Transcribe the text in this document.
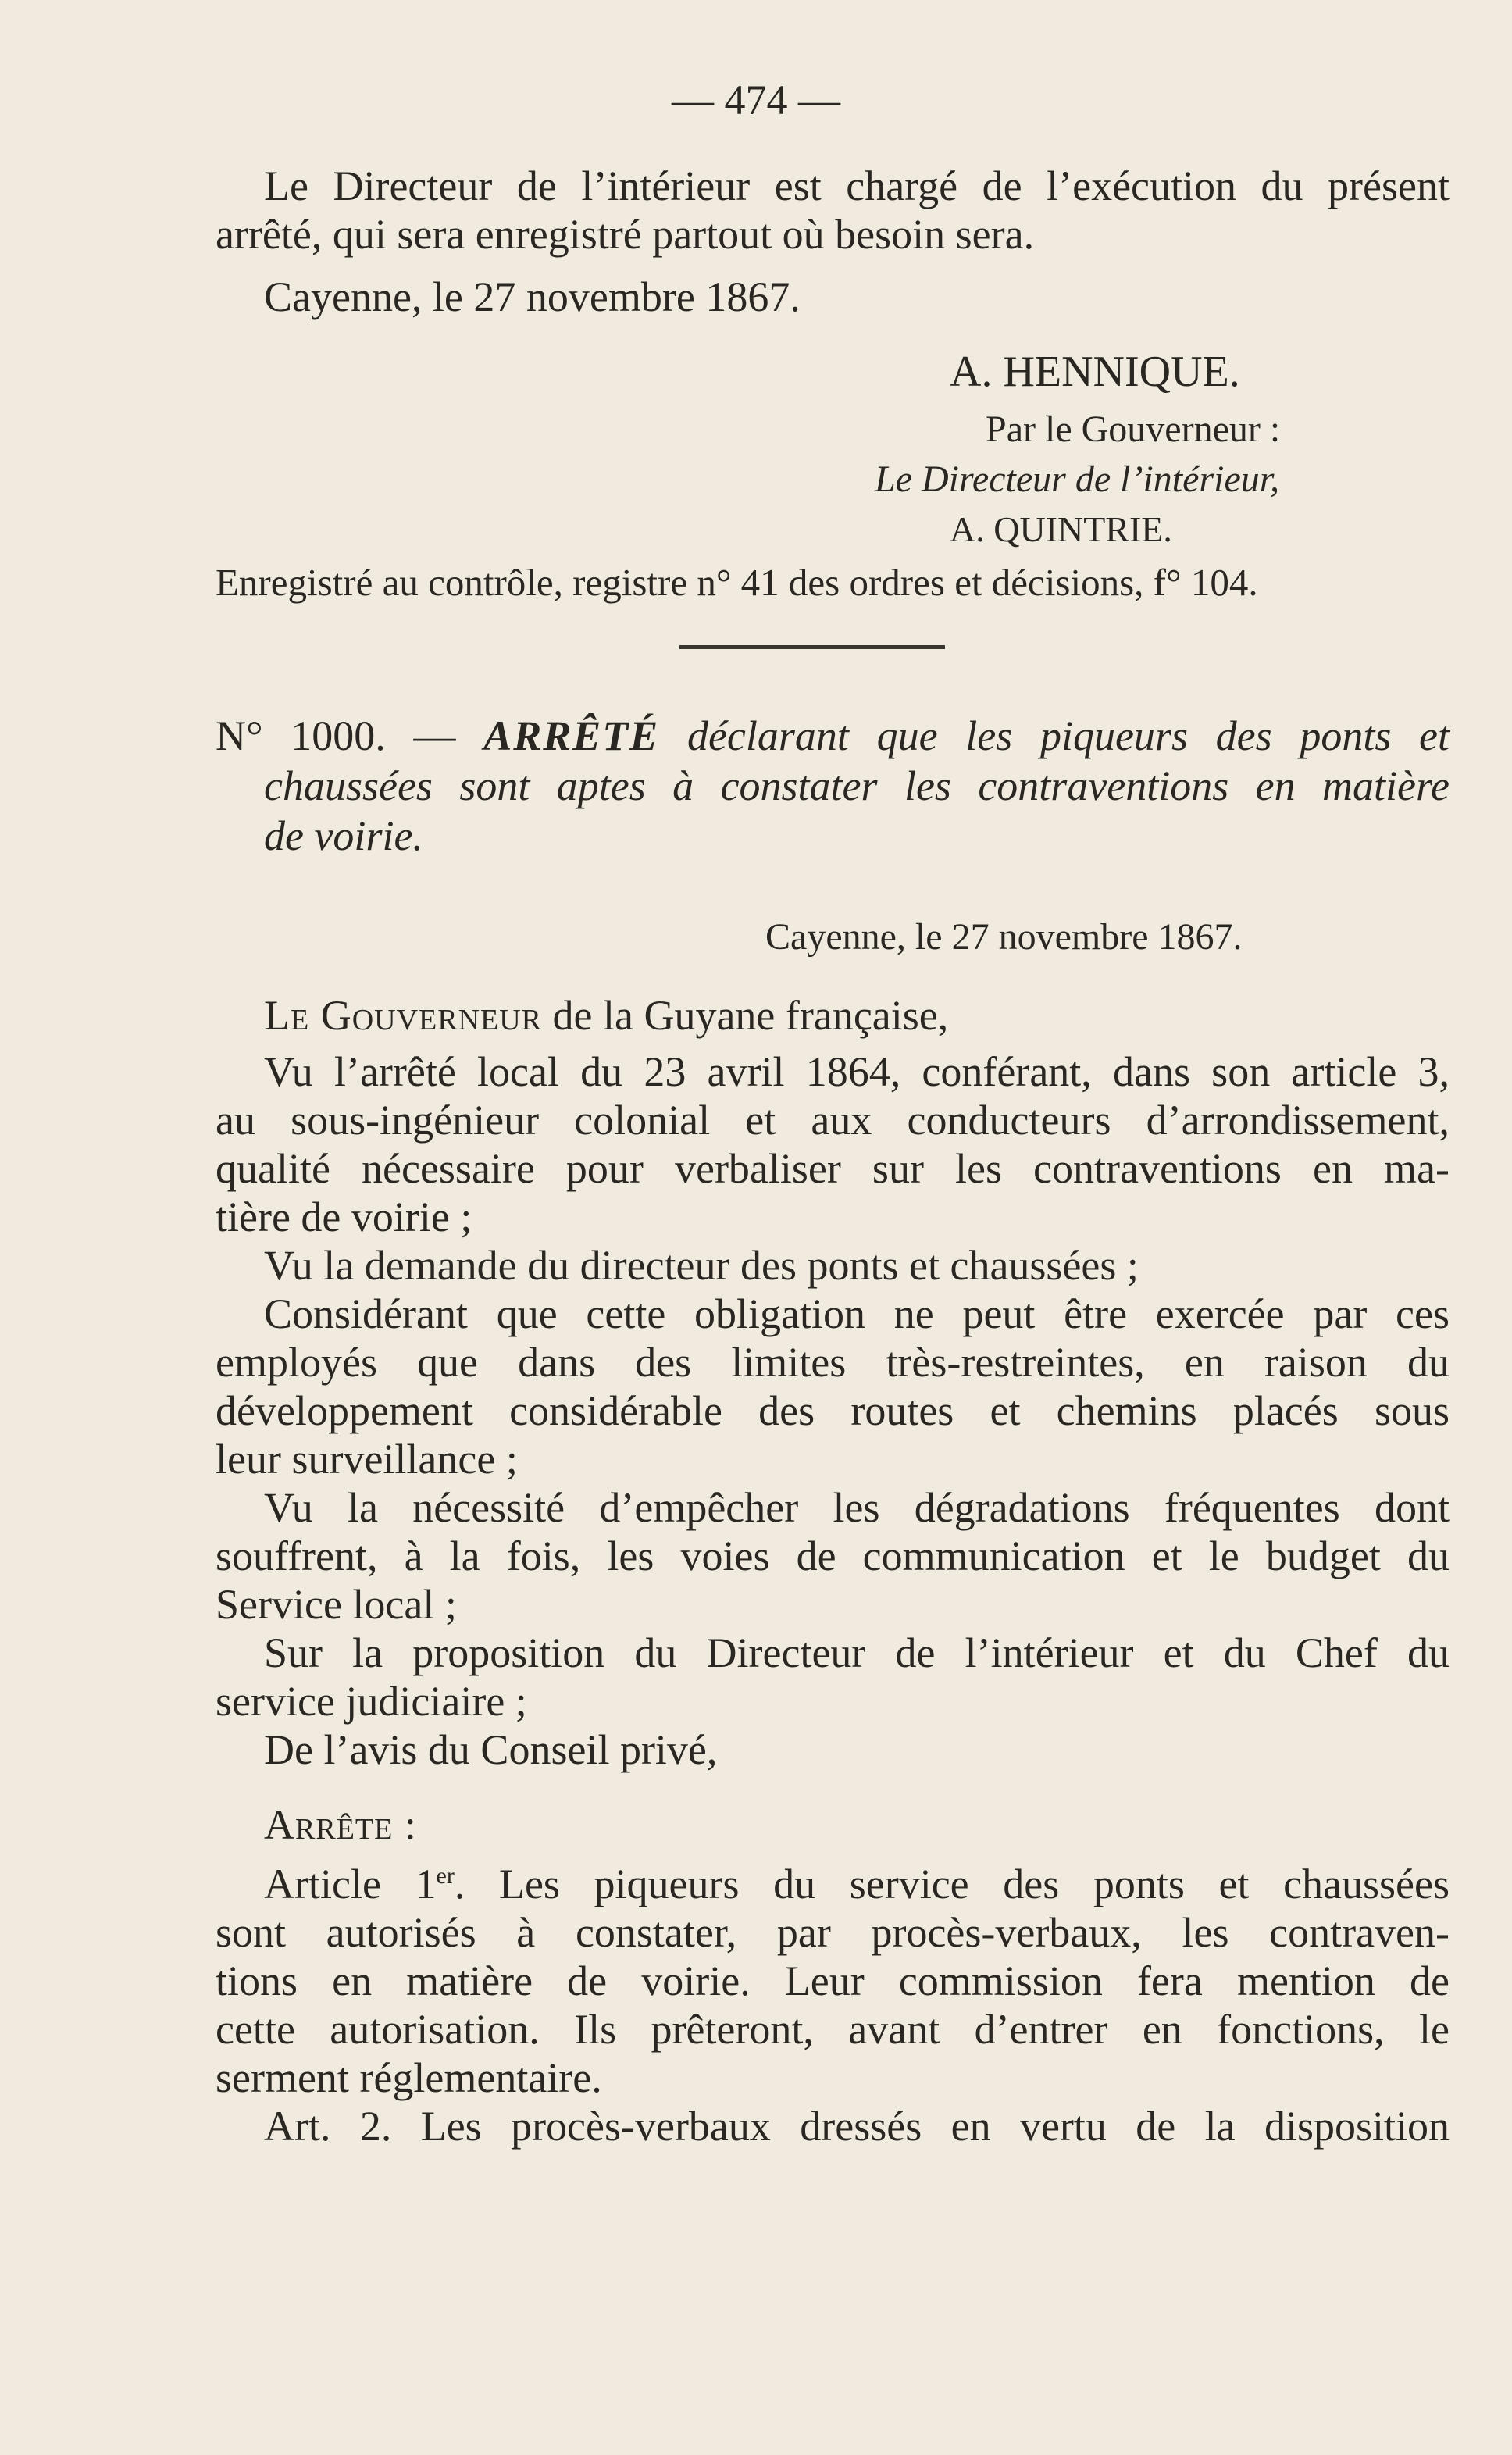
— 474 —
Le Directeur de l’intérieur est chargé de l’exécution du présent
arrêté, qui sera enregistré partout où besoin sera.
Cayenne, le 27 novembre 1867.
A. HENNIQUE.
Par le Gouverneur :
Le Directeur de l’intérieur,
A. QUINTRIE.
Enregistré au contrôle, registre n° 41 des ordres et décisions, f° 104.
N° 1000. — ARRÊTÉ déclarant que les piqueurs des ponts et
chaussées sont aptes à constater les contraventions en matière
de voirie.
Cayenne, le 27 novembre 1867.
Le Gouverneur de la Guyane française,
Vu l’arrêté local du 23 avril 1864, conférant, dans son article 3,
au sous-ingénieur colonial et aux conducteurs d’arrondissement,
qualité nécessaire pour verbaliser sur les contraventions en ma-
tière de voirie ;
Vu la demande du directeur des ponts et chaussées ;
Considérant que cette obligation ne peut être exercée par ces
employés que dans des limites très-restreintes, en raison du
développement considérable des routes et chemins placés sous
leur surveillance ;
Vu la nécessité d’empêcher les dégradations fréquentes dont
souffrent, à la fois, les voies de communication et le budget du
Service local ;
Sur la proposition du Directeur de l’intérieur et du Chef du
service judiciaire ;
De l’avis du Conseil privé,
Arrête :
Article 1er. Les piqueurs du service des ponts et chaussées
sont autorisés à constater, par procès-verbaux, les contraven-
tions en matière de voirie. Leur commission fera mention de
cette autorisation. Ils prêteront, avant d’entrer en fonctions, le
serment réglementaire.
Art. 2. Les procès-verbaux dressés en vertu de la disposition
